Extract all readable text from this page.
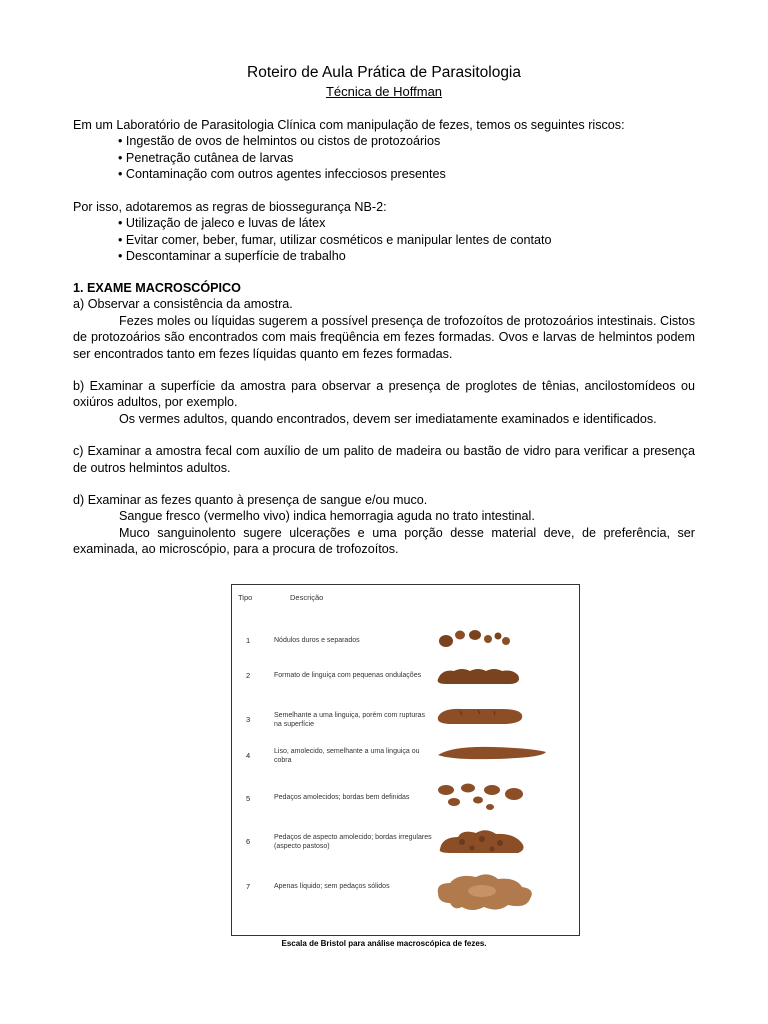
Roteiro de Aula Prática de Parasitologia
Técnica de Hoffman

Em um Laboratório de Parasitologia Clínica com manipulação de fezes, temos os seguintes riscos:

• Ingestão de ovos de helmintos ou cistos de protozoários
• Penetração cutânea de larvas
• Contaminação com outros agentes infecciosos presentes

Por isso, adotaremos as regras de biossegurança NB-2:

• Utilização de jaleco e luvas de látex
• Evitar comer, beber, fumar, utilizar cosméticos e manipular lentes de contato
• Descontaminar a superfície de trabalho

1. EXAME MACROSCÓPICO

a) Observar a consistência da amostra.

Fezes moles ou líquidas sugerem a possível presença de trofozoítos de protozoários intestinais. Cistos de protozoários são encontrados com mais freqüência em fezes formadas. Ovos e larvas de helmintos podem ser encontrados tanto em fezes líquidas quanto em fezes formadas.

b) Examinar a superfície da amostra para observar a presença de proglotes de tênias, ancilostomídeos ou oxiúros adultos, por exemplo.

Os vermes adultos, quando encontrados, devem ser imediatamente examinados e identificados.

c) Examinar a amostra fecal com auxílio de um palito de madeira ou bastão de vidro para verificar a presença de outros helmintos adultos.

d) Examinar as fezes quanto à presença de sangue e/ou muco.

Sangue fresco (vermelho vivo) indica hemorragia aguda no trato intestinal.

Muco sanguinolento sugere ulcerações e uma porção desse material deve, de preferência, ser examinada, ao microscópio, para a procura de trofozoítos.

Tipo	Descrição
1	Nódulos duros e separados
2	Formato de linguiça com pequenas ondulações
3	Semelhante a uma linguiça, porém com rupturas na superfície
4	Liso, amolecido, semelhante a uma linguiça ou cobra
5	Pedaços amolecidos; bordas bem definidas
6	Pedaços de aspecto amolecido; bordas irregulares (aspecto pastoso)
7	Apenas líquido; sem pedaços sólidos
Escala de Bristol para análise macroscópica de fezes.
